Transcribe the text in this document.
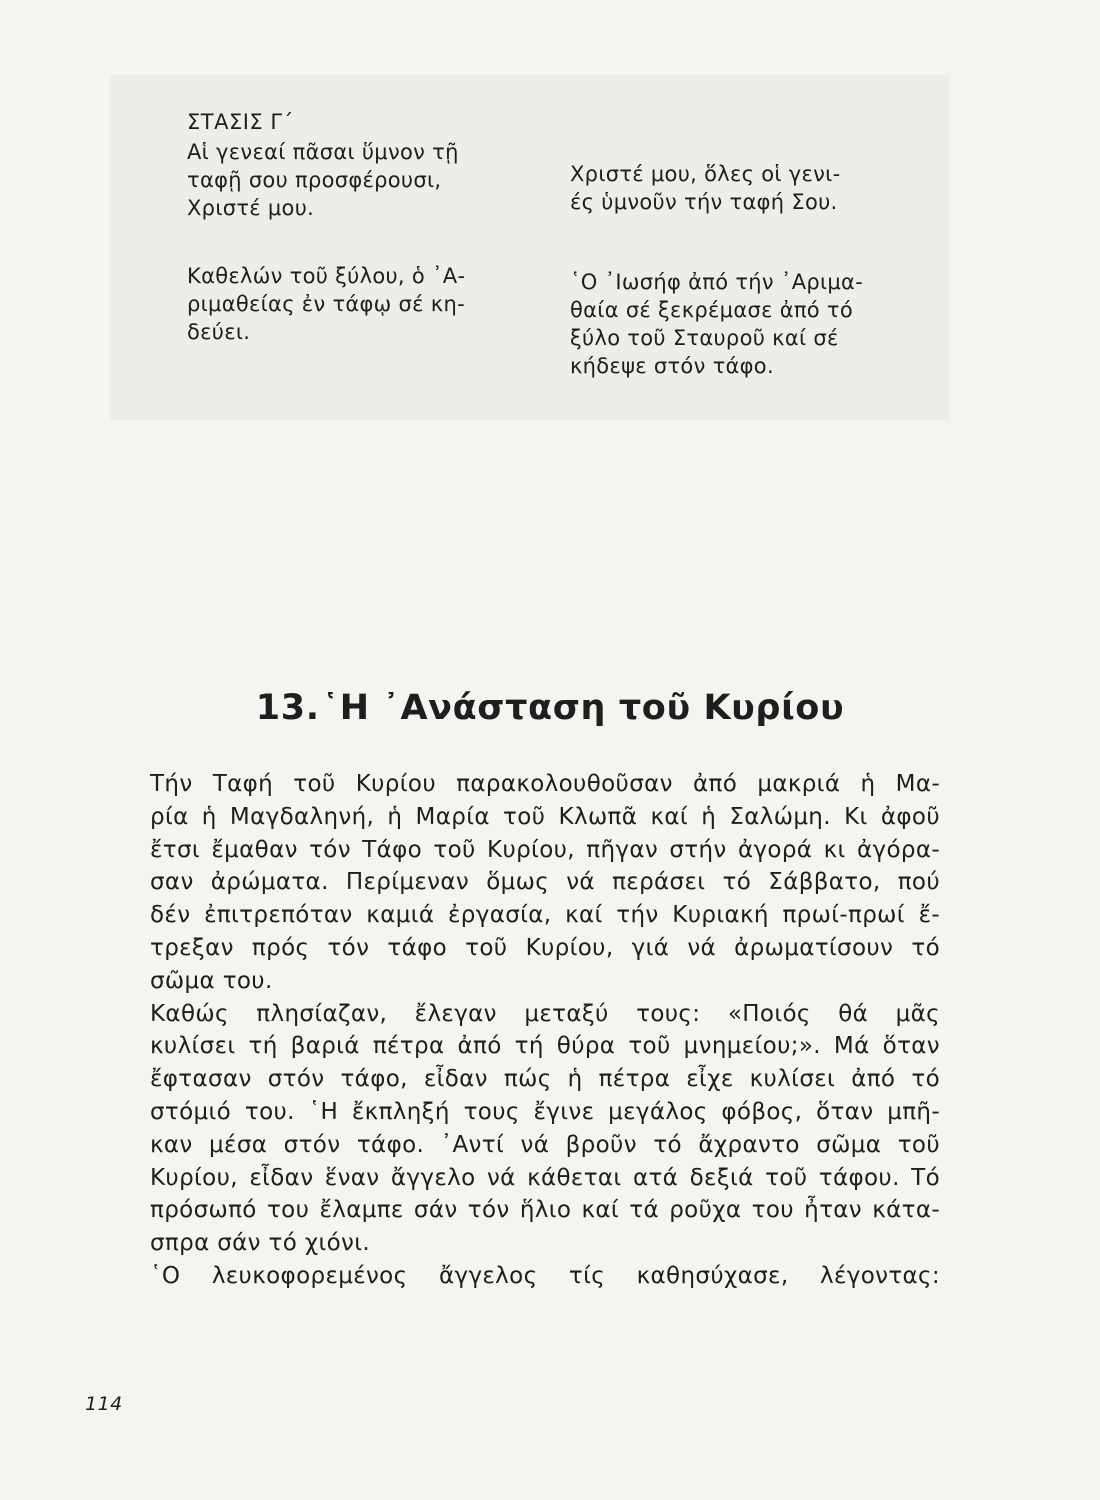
ΣΤΑΣΙΣ Γ΄
Αἱ γενεαί πᾶσαι ὕμνον τῇ
ταφῇ σου προσφέρουσι,
Χριστέ μου.
Χριστέ μου, ὅλες οἱ γενι-
ές ὑμνοῦν τήν ταφή Σου.
Καθελών τοῦ ξύλου, ὁ ᾿Α-
ριμαθείας ἐν τάφῳ σέ κη-
δεύει.
῾Ο ᾿Ιωσήφ ἀπό τήν ᾿Αριμα-
θαία σέ ξεκρέμασε ἀπό τό
ξύλο τοῦ Σταυροῦ καί σέ
κήδεψε στόν τάφο.
13.῾Η ᾿Ανάσταση τοῦ Κυρίου
Τήν Ταφή τοῦ Κυρίου παρακολουθοῦσαν ἀπό μακριά ἡ Μα-
ρία ἡ Μαγδαληνή, ἡ Μαρία τοῦ Κλωπᾶ καί ἡ Σαλώμη. Κι ἀφοῦ
ἔτσι ἔμαθαν τόν Τάφο τοῦ Κυρίου, πῆγαν στήν ἀγορά κι ἀγόρα-
σαν ἀρώματα. Περίμεναν ὅμως νά περάσει τό Σάββατο, πού
δέν ἐπιτρεπόταν καμιά ἐργασία, καί τήν Κυριακή πρωί-πρωί ἔ-
τρεξαν πρός τόν τάφο τοῦ Κυρίου, γιά νά ἀρωματίσουν τό
σῶμα του.
Καθώς πλησίαζαν, ἔλεγαν μεταξύ τους: «Ποιός θά μᾶς
κυλίσει τή βαριά πέτρα ἀπό τή θύρα τοῦ μνημείου;». Μά ὅταν
ἔφτασαν στόν τάφο, εἶδαν πώς ἡ πέτρα εἶχε κυλίσει ἀπό τό
στόμιό του. ῾Η ἔκπληξή τους ἔγινε μεγάλος φόβος, ὅταν μπῆ-
καν μέσα στόν τάφο. ᾿Αντί νά βροῦν τό ἄχραντο σῶμα τοῦ
Κυρίου, εἶδαν ἕναν ἄγγελο νά κάθεται ατά δεξιά τοῦ τάφου. Τό
πρόσωπό του ἔλαμπε σάν τόν ἥλιο καί τά ροῦχα του ἦταν κάτα-
σπρα σάν τό χιόνι.
῾Ο λευκοφορεμένος ἄγγελος τίς καθησύχασε, λέγοντας:
114
